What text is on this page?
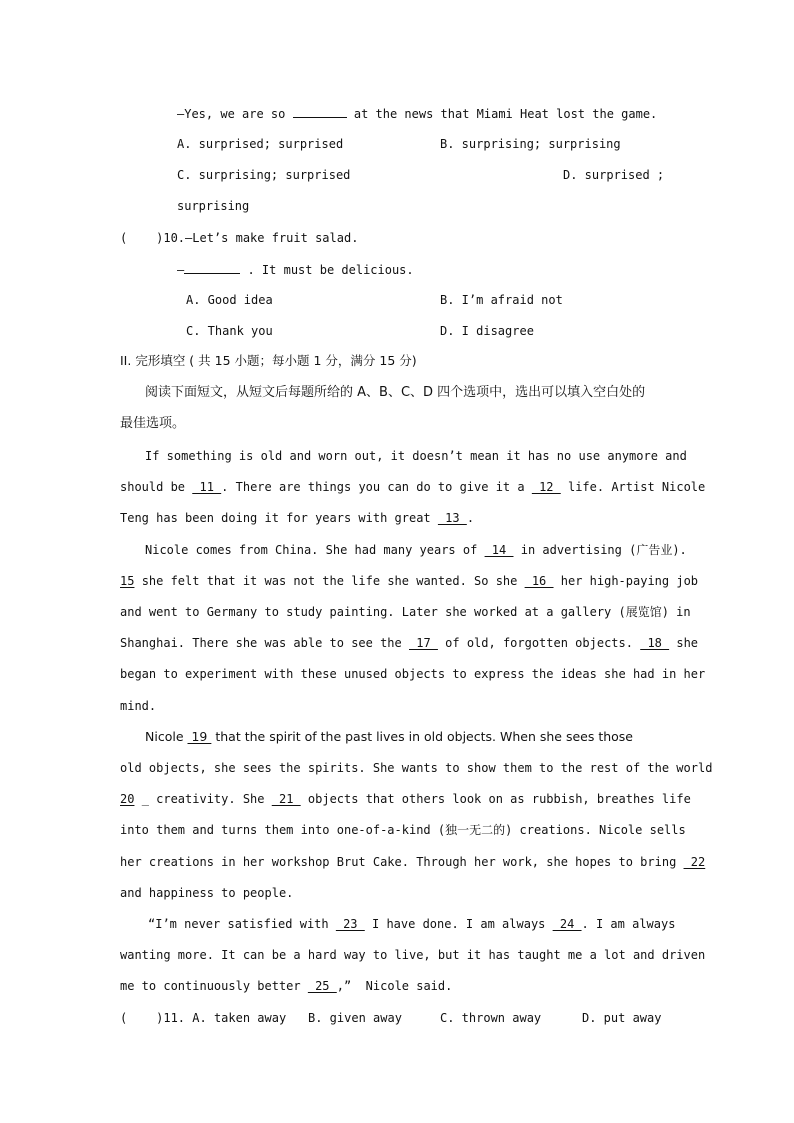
—Yes, we are so	at the news that Miami Heat lost the game.
A. surprised; surprised	B. surprising; surprising
C. surprising; surprised	D. surprised ;
surprising
(    )10.—Let’s make fruit salad.
—	. It must be delicious.
A. Good idea	B. I’m afraid not
C. Thank you	D. I disagree
II. 完形填空 ( 共 15 小题；每小题 1 分，满分 15 分)
阅读下面短文，从短文后每题所给的 A、B、C、D 四个选项中，选出可以填入空白处的
最佳选项。
If something is old and worn out, it doesn’t mean it has no use anymore and
should be  11 . There are things you can do to give it a  12  life. Artist Nicole
Teng has been doing it for years with great  13 .
Nicole comes from China. She had many years of  14  in advertising (广告业).
15 she felt that it was not the life she wanted. So she  16  her high-paying job
and went to Germany to study painting. Later she worked at a gallery (展览馆) in
Shanghai. There she was able to see the  17  of old, forgotten objects.  18  she
began to experiment with these unused objects to express the ideas she had in her
mind.
Nicole  19  that the spirit of the past lives in old objects. When she sees those
old objects, she sees the spirits. She wants to show them to the rest of the world
20 _ creativity. She  21  objects that others look on as rubbish, breathes life
into them and turns them into one-of-a-kind (独一无二的) creations. Nicole sells
her creations in her workshop Brut Cake. Through her work, she hopes to bring  22
and happiness to people.
“I’m never satisfied with  23  I have done. I am always  24 . I am always
wanting more. It can be a hard way to live, but it has taught me a lot and driven
me to continuously better  25 ,”  Nicole said.
(    )11. A. taken away B. given away	C. thrown away	D. put away
